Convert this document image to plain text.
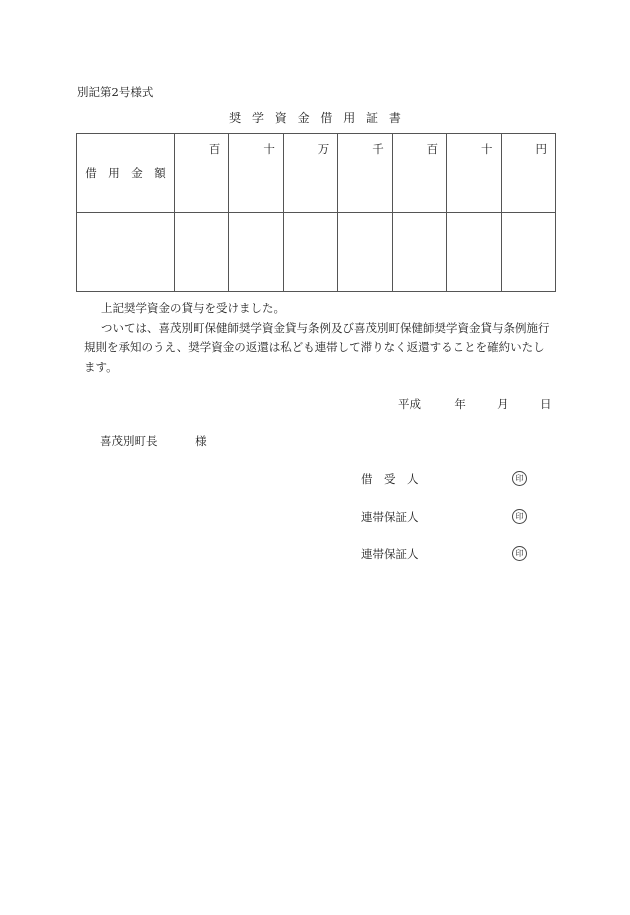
別記第2号様式
奨 学 資 金 借 用 証 書
借　用　金　額	百	十	万	千	百	十	円

上記奨学資金の貸与を受けました。

ついては、喜茂別町保健師奨学資金貸与条例及び喜茂別町保健師奨学資金貸与条例施行規則を承知のうえ、奨学資金の返還は私ども連帯して滞りなく返還することを確約いたします。

平成	年	月	日
喜茂別町長	様
借　受　人	印
連帯保証人	印
連帯保証人	印
